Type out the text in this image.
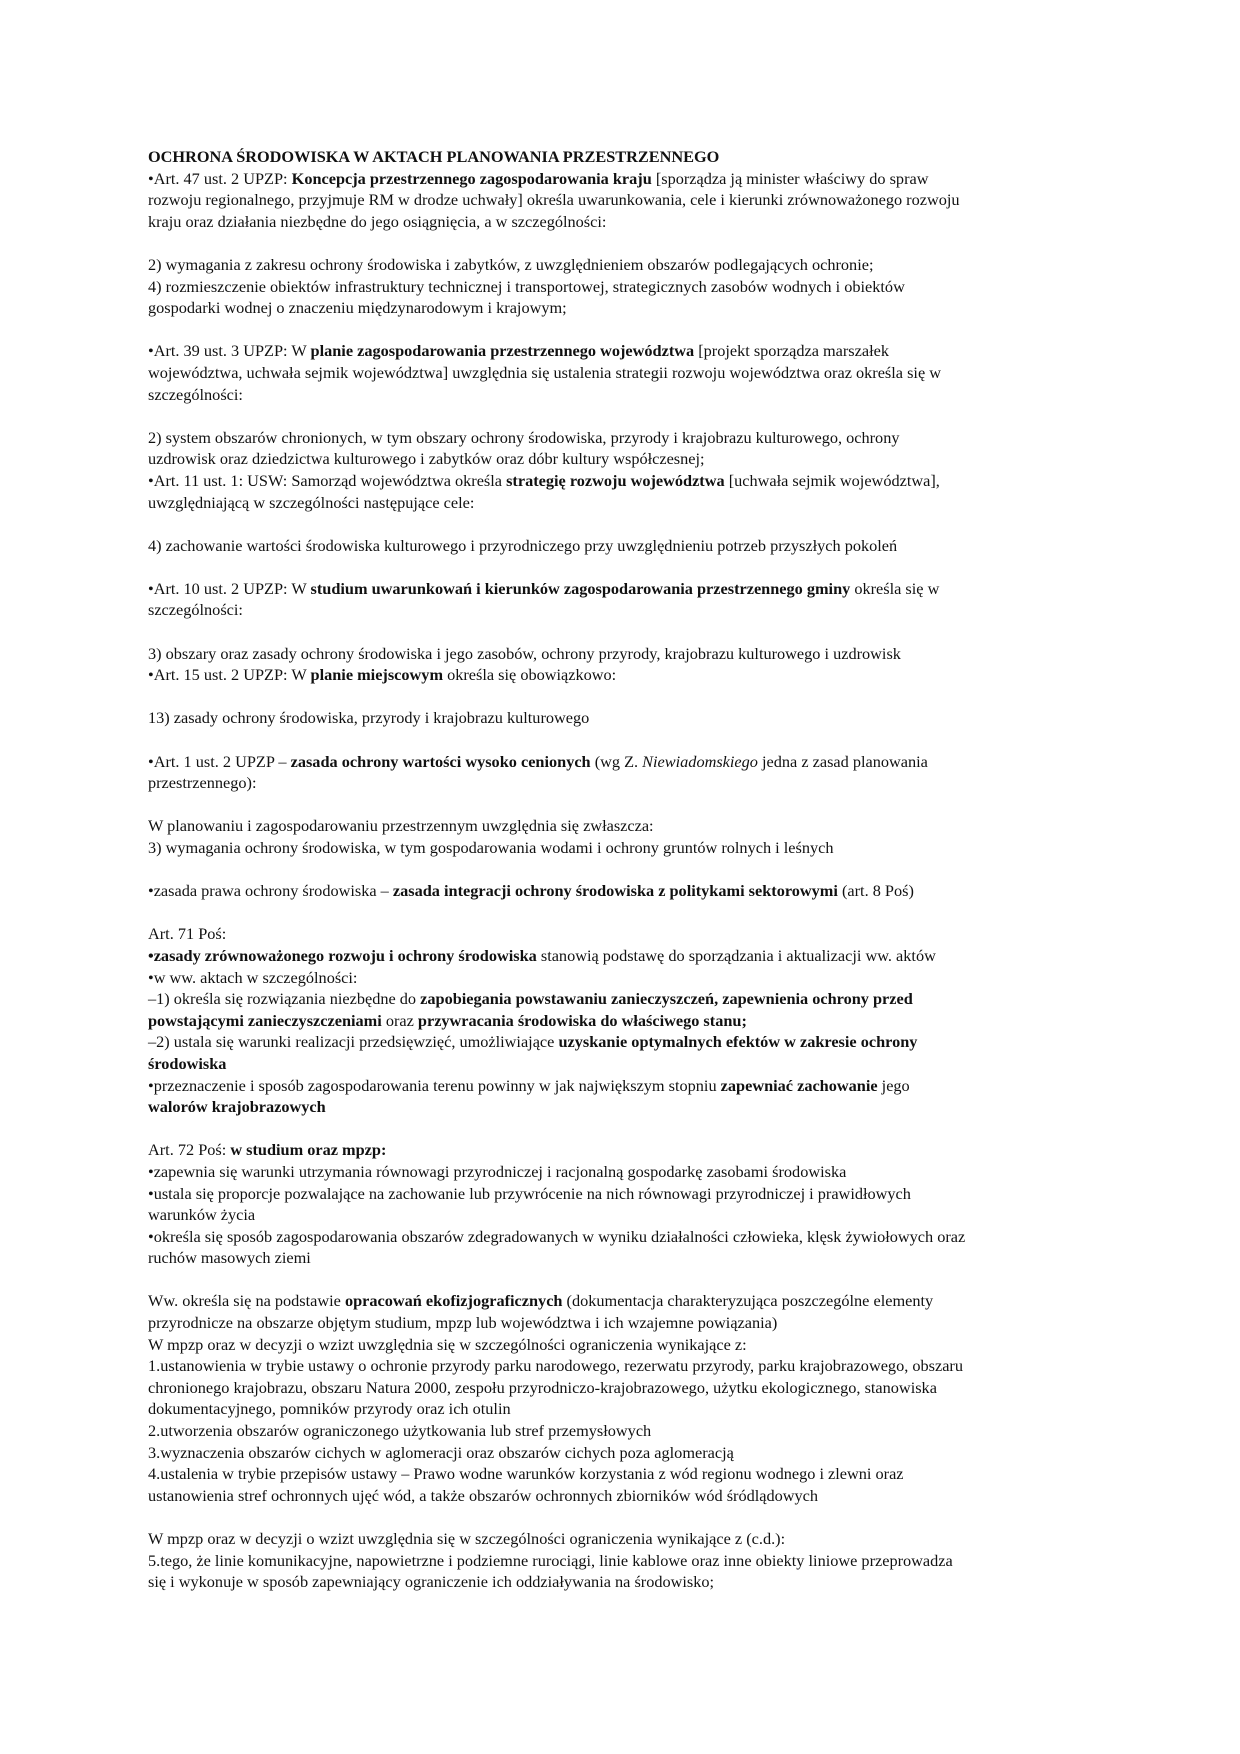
OCHRONA ŚRODOWISKA W AKTACH PLANOWANIA PRZESTRZENNEGO

•Art. 47 ust. 2 UPZP: Koncepcja przestrzennego zagospodarowania kraju [sporządza ją minister właściwy do spraw

rozwoju regionalnego, przyjmuje RM w drodze uchwały] określa uwarunkowania, cele i kierunki zrównoważonego rozwoju

kraju oraz działania niezbędne do jego osiągnięcia, a w szczególności:

2) wymagania z zakresu ochrony środowiska i zabytków, z uwzględnieniem obszarów podlegających ochronie;

4) rozmieszczenie obiektów infrastruktury technicznej i transportowej, strategicznych zasobów wodnych i obiektów

gospodarki wodnej o znaczeniu międzynarodowym i krajowym;

•Art. 39 ust. 3 UPZP: W planie zagospodarowania przestrzennego województwa [projekt sporządza marszałek

województwa, uchwała sejmik województwa] uwzględnia się ustalenia strategii rozwoju województwa oraz określa się w

szczególności:

2) system obszarów chronionych, w tym obszary ochrony środowiska, przyrody i krajobrazu kulturowego, ochrony

uzdrowisk oraz dziedzictwa kulturowego i zabytków oraz dóbr kultury współczesnej;

•Art. 11 ust. 1: USW: Samorząd województwa określa strategię rozwoju województwa [uchwała sejmik województwa],

uwzględniającą w szczególności następujące cele:

4) zachowanie wartości środowiska kulturowego i przyrodniczego przy uwzględnieniu potrzeb przyszłych pokoleń

•Art. 10 ust. 2 UPZP: W studium uwarunkowań i kierunków zagospodarowania przestrzennego gminy określa się w

szczególności:

3) obszary oraz zasady ochrony środowiska i jego zasobów, ochrony przyrody, krajobrazu kulturowego i uzdrowisk

•Art. 15 ust. 2 UPZP: W planie miejscowym określa się obowiązkowo:

13) zasady ochrony środowiska, przyrody i krajobrazu kulturowego

•Art. 1 ust. 2 UPZP – zasada ochrony wartości wysoko cenionych (wg Z. Niewiadomskiego jedna z zasad planowania

przestrzennego):

W planowaniu i zagospodarowaniu przestrzennym uwzględnia się zwłaszcza:

3) wymagania ochrony środowiska, w tym gospodarowania wodami i ochrony gruntów rolnych i leśnych

•zasada prawa ochrony środowiska – zasada integracji ochrony środowiska z politykami sektorowymi (art. 8 Poś)

Art. 71 Poś:

•zasady zrównoważonego rozwoju i ochrony środowiska stanowią podstawę do sporządzania i aktualizacji ww. aktów

•w ww. aktach w szczególności:

–1) określa się rozwiązania niezbędne do zapobiegania powstawaniu zanieczyszczeń, zapewnienia ochrony przed

powstającymi zanieczyszczeniami oraz przywracania środowiska do właściwego stanu;

–2) ustala się warunki realizacji przedsięwzięć, umożliwiające uzyskanie optymalnych efektów w zakresie ochrony

środowiska

•przeznaczenie i sposób zagospodarowania terenu powinny w jak największym stopniu zapewniać zachowanie jego

walorów krajobrazowych

Art. 72 Poś: w studium oraz mpzp:

•zapewnia się warunki utrzymania równowagi przyrodniczej i racjonalną gospodarkę zasobami środowiska

•ustala się proporcje pozwalające na zachowanie lub przywrócenie na nich równowagi przyrodniczej i prawidłowych

warunków życia

•określa się sposób zagospodarowania obszarów zdegradowanych w wyniku działalności człowieka, klęsk żywiołowych oraz

ruchów masowych ziemi

Ww. określa się na podstawie opracowań ekofizjograficznych (dokumentacja charakteryzująca poszczególne elementy

przyrodnicze na obszarze objętym studium, mpzp lub województwa i ich wzajemne powiązania)

W mpzp oraz w decyzji o wzizt uwzględnia się w szczególności ograniczenia wynikające z:

1.ustanowienia w trybie ustawy o ochronie przyrody parku narodowego, rezerwatu przyrody, parku krajobrazowego, obszaru

chronionego krajobrazu, obszaru Natura 2000, zespołu przyrodniczo-krajobrazowego, użytku ekologicznego, stanowiska

dokumentacyjnego, pomników przyrody oraz ich otulin

2.utworzenia obszarów ograniczonego użytkowania lub stref przemysłowych

3.wyznaczenia obszarów cichych w aglomeracji oraz obszarów cichych poza aglomeracją

4.ustalenia w trybie przepisów ustawy – Prawo wodne warunków korzystania z wód regionu wodnego i zlewni oraz

ustanowienia stref ochronnych ujęć wód, a także obszarów ochronnych zbiorników wód śródlądowych

W mpzp oraz w decyzji o wzizt uwzględnia się w szczególności ograniczenia wynikające z (c.d.):

5.tego, że linie komunikacyjne, napowietrzne i podziemne rurociągi, linie kablowe oraz inne obiekty liniowe przeprowadza

się i wykonuje w sposób zapewniający ograniczenie ich oddziaływania na środowisko;
